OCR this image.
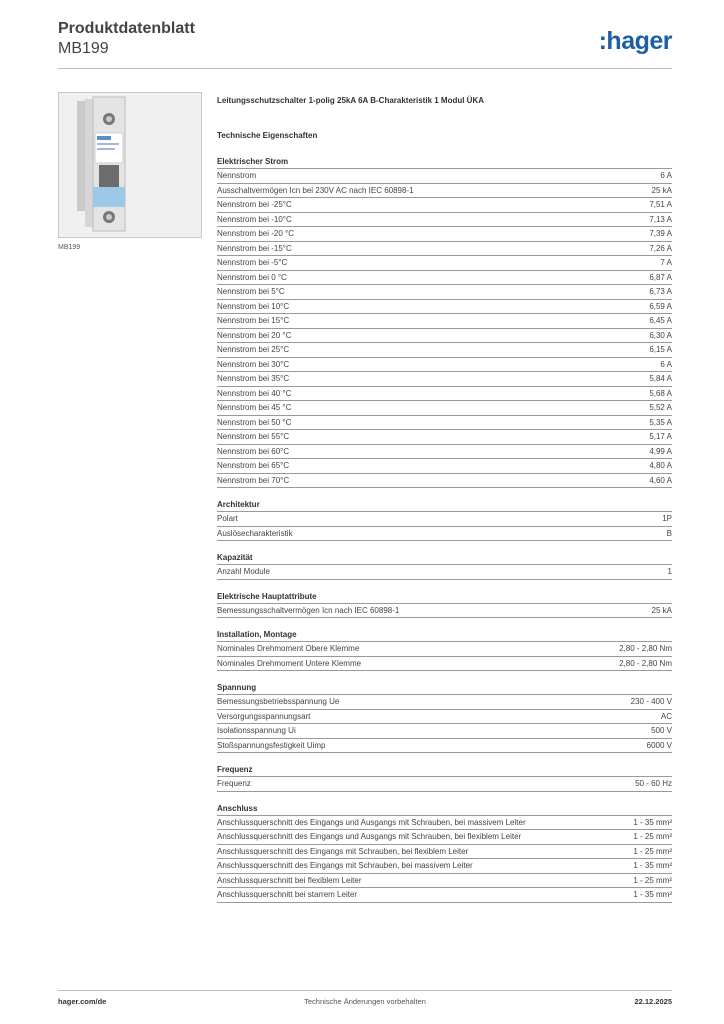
Produktdatenblatt
MB199	:hager
MB199
Leitungsschutzschalter 1-polig 25kA 6A B-Charakteristik 1 Modul ÜKA
Technische Eigenschaften
Elektrischer Strom
Nennstrom	6 A
Ausschaltvermögen Icn bei 230V AC nach IEC 60898-1	25 kA
Nennstrom bei -25°C	7,51 A
Nennstrom bei -10°C	7,13 A
Nennstrom bei -20 °C	7,39 A
Nennstrom bei -15°C	7,26 A
Nennstrom bei -5°C	7 A
Nennstrom bei 0 °C	6,87 A
Nennstrom bei 5°C	6,73 A
Nennstrom bei 10°C	6,59 A
Nennstrom bei 15°C	6,45 A
Nennstrom bei 20 °C	6,30 A
Nennstrom bei 25°C	6,15 A
Nennstrom bei 30°C	6 A
Nennstrom bei 35°C	5,84 A
Nennstrom bei 40 °C	5,68 A
Nennstrom bei 45 °C	5,52 A
Nennstrom bei 50 °C	5,35 A
Nennstrom bei 55°C	5,17 A
Nennstrom bei 60°C	4,99 A
Nennstrom bei 65°C	4,80 A
Nennstrom bei 70°C	4,60 A
Architektur
Polart	1P
Auslösecharakteristik	B
Kapazität
Anzahl Module	1
Elektrische Hauptattribute
Bemessungsschaltvermögen Icn nach IEC 60898-1	25 kA
Installation, Montage
Nominales Drehmoment Obere Klemme	2,80 - 2,80 Nm
Nominales Drehmoment Untere Klemme	2,80 - 2,80 Nm
Spannung
Bemessungsbetriebsspannung Ue	230 - 400 V
Versorgungsspannungsart	AC
Isolationsspannung Ui	500 V
Stoßspannungsfestigkeit Uimp	6000 V
Frequenz
Frequenz	50 - 60 Hz
Anschluss
Anschlussquerschnitt des Eingangs und Ausgangs mit Schrauben, bei massivem Leiter	1 - 35 mm²
Anschlussquerschnitt des Eingangs und Ausgangs mit Schrauben, bei flexiblem Leiter	1 - 25 mm²
Anschlussquerschnitt des Eingangs mit Schrauben, bei flexiblem Leiter	1 - 25 mm²
Anschlussquerschnitt des Eingangs mit Schrauben, bei massivem Leiter	1 - 35 mm²
Anschlussquerschnitt bei flexiblem Leiter	1 - 25 mm²
Anschlussquerschnitt bei starrem Leiter	1 - 35 mm²
hager.com/de	Technische Änderungen vorbehalten	22.12.2025
